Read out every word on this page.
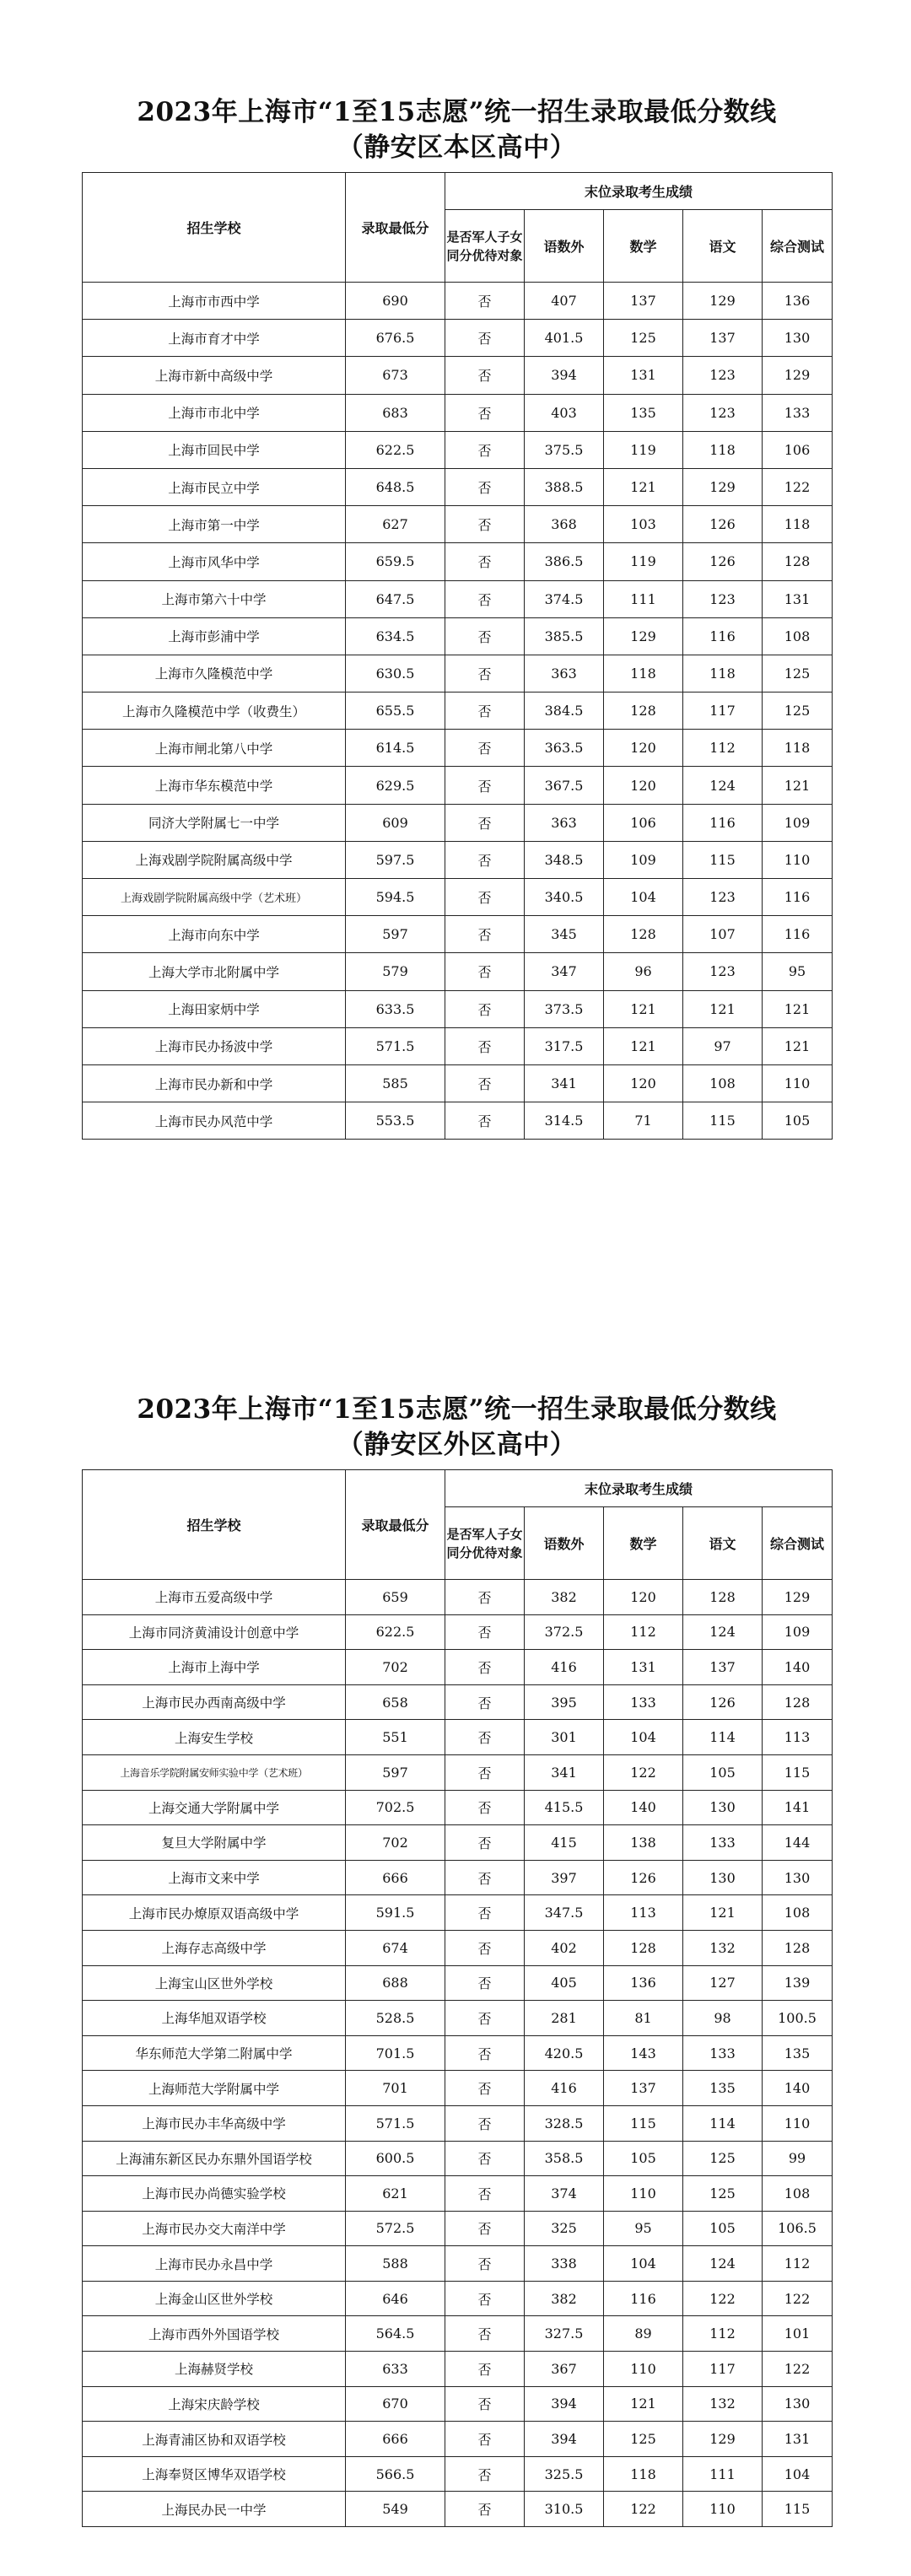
2023年上海市“1至15志愿”统一招生录取最低分数线
（静安区本区高中）
招生学校	录取最低分	末位录取考生成绩				
		是否军人子女同分优待对象	语数外	数学	语文	综合测试
上海市市西中学	690	否	407	137	129	136
上海市育才中学	676.5	否	401.5	125	137	130
上海市新中高级中学	673	否	394	131	123	129
上海市市北中学	683	否	403	135	123	133
上海市回民中学	622.5	否	375.5	119	118	106
上海市民立中学	648.5	否	388.5	121	129	122
上海市第一中学	627	否	368	103	126	118
上海市风华中学	659.5	否	386.5	119	126	128
上海市第六十中学	647.5	否	374.5	111	123	131
上海市彭浦中学	634.5	否	385.5	129	116	108
上海市久隆模范中学	630.5	否	363	118	118	125
上海市久隆模范中学（收费生）	655.5	否	384.5	128	117	125
上海市闸北第八中学	614.5	否	363.5	120	112	118
上海市华东模范中学	629.5	否	367.5	120	124	121
同济大学附属七一中学	609	否	363	106	116	109
上海戏剧学院附属高级中学	597.5	否	348.5	109	115	110
上海戏剧学院附属高级中学（艺术班）	594.5	否	340.5	104	123	116
上海市向东中学	597	否	345	128	107	116
上海大学市北附属中学	579	否	347	96	123	95
上海田家炳中学	633.5	否	373.5	121	121	121
上海市民办扬波中学	571.5	否	317.5	121	97	121
上海市民办新和中学	585	否	341	120	108	110
上海市民办风范中学	553.5	否	314.5	71	115	105
2023年上海市“1至15志愿”统一招生录取最低分数线
（静安区外区高中）
招生学校	录取最低分	末位录取考生成绩				
		是否军人子女同分优待对象	语数外	数学	语文	综合测试
上海市五爱高级中学	659	否	382	120	128	129
上海市同济黄浦设计创意中学	622.5	否	372.5	112	124	109
上海市上海中学	702	否	416	131	137	140
上海市民办西南高级中学	658	否	395	133	126	128
上海安生学校	551	否	301	104	114	113
上海音乐学院附属安师实验中学（艺术班）	597	否	341	122	105	115
上海交通大学附属中学	702.5	否	415.5	140	130	141
复旦大学附属中学	702	否	415	138	133	144
上海市文来中学	666	否	397	126	130	130
上海市民办燎原双语高级中学	591.5	否	347.5	113	121	108
上海存志高级中学	674	否	402	128	132	128
上海宝山区世外学校	688	否	405	136	127	139
上海华旭双语学校	528.5	否	281	81	98	100.5
华东师范大学第二附属中学	701.5	否	420.5	143	133	135
上海师范大学附属中学	701	否	416	137	135	140
上海市民办丰华高级中学	571.5	否	328.5	115	114	110
上海浦东新区民办东鼎外国语学校	600.5	否	358.5	105	125	99
上海市民办尚德实验学校	621	否	374	110	125	108
上海市民办交大南洋中学	572.5	否	325	95	105	106.5
上海市民办永昌中学	588	否	338	104	124	112
上海金山区世外学校	646	否	382	116	122	122
上海市西外外国语学校	564.5	否	327.5	89	112	101
上海赫贤学校	633	否	367	110	117	122
上海宋庆龄学校	670	否	394	121	132	130
上海青浦区协和双语学校	666	否	394	125	129	131
上海奉贤区博华双语学校	566.5	否	325.5	118	111	104
上海民办民一中学	549	否	310.5	122	110	115
